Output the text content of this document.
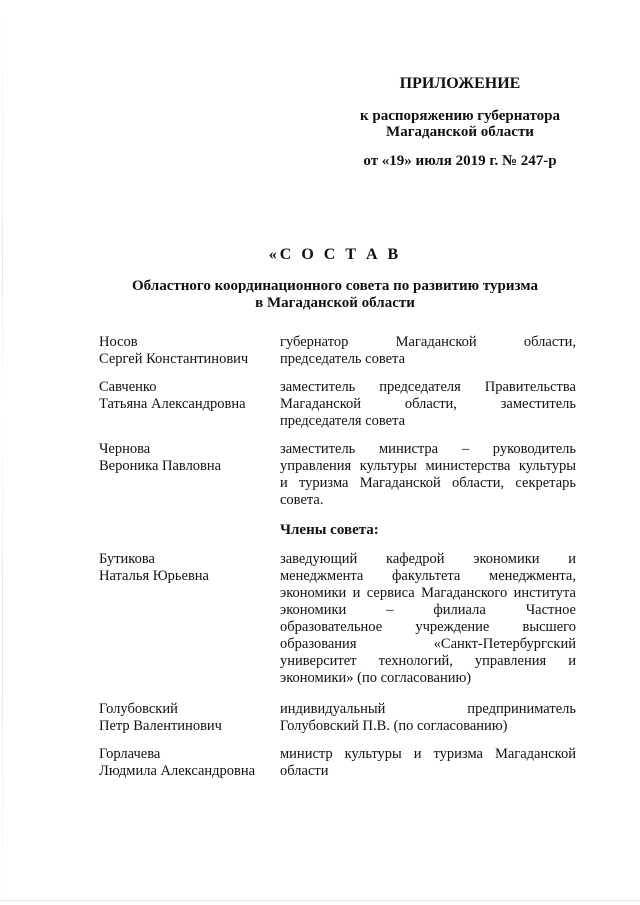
ПРИЛОЖЕНИЕ
к распоряжению губернатора
Магаданской области
от «19» июля 2019 г. № 247-р
«С О С Т А В
Областного координационного совета по развитию туризма
в Магаданской области
Носов
Сергей Константинович
губернатор Магаданской области,
председатель совета
Савченко
Татьяна Александровна
заместитель председателя Правительства
Магаданской области, заместитель
председателя совета
Чернова
Вероника Павловна
заместитель министра – руководитель
управления культуры министерства культуры
и туризма Магаданской области, секретарь
совета.
Члены совета:
Бутикова
Наталья Юрьевна
заведующий кафедрой экономики и
менеджмента факультета менеджмента,
экономики и сервиса Магаданского института
экономики – филиала Частное
образовательное учреждение высшего
образования «Санкт-Петербургский
университет технологий, управления и
экономики» (по согласованию)
Голубовский
Петр Валентинович
индивидуальный предприниматель
Голубовский П.В. (по согласованию)
Горлачева
Людмила Александровна
министр культуры и туризма Магаданской
области
